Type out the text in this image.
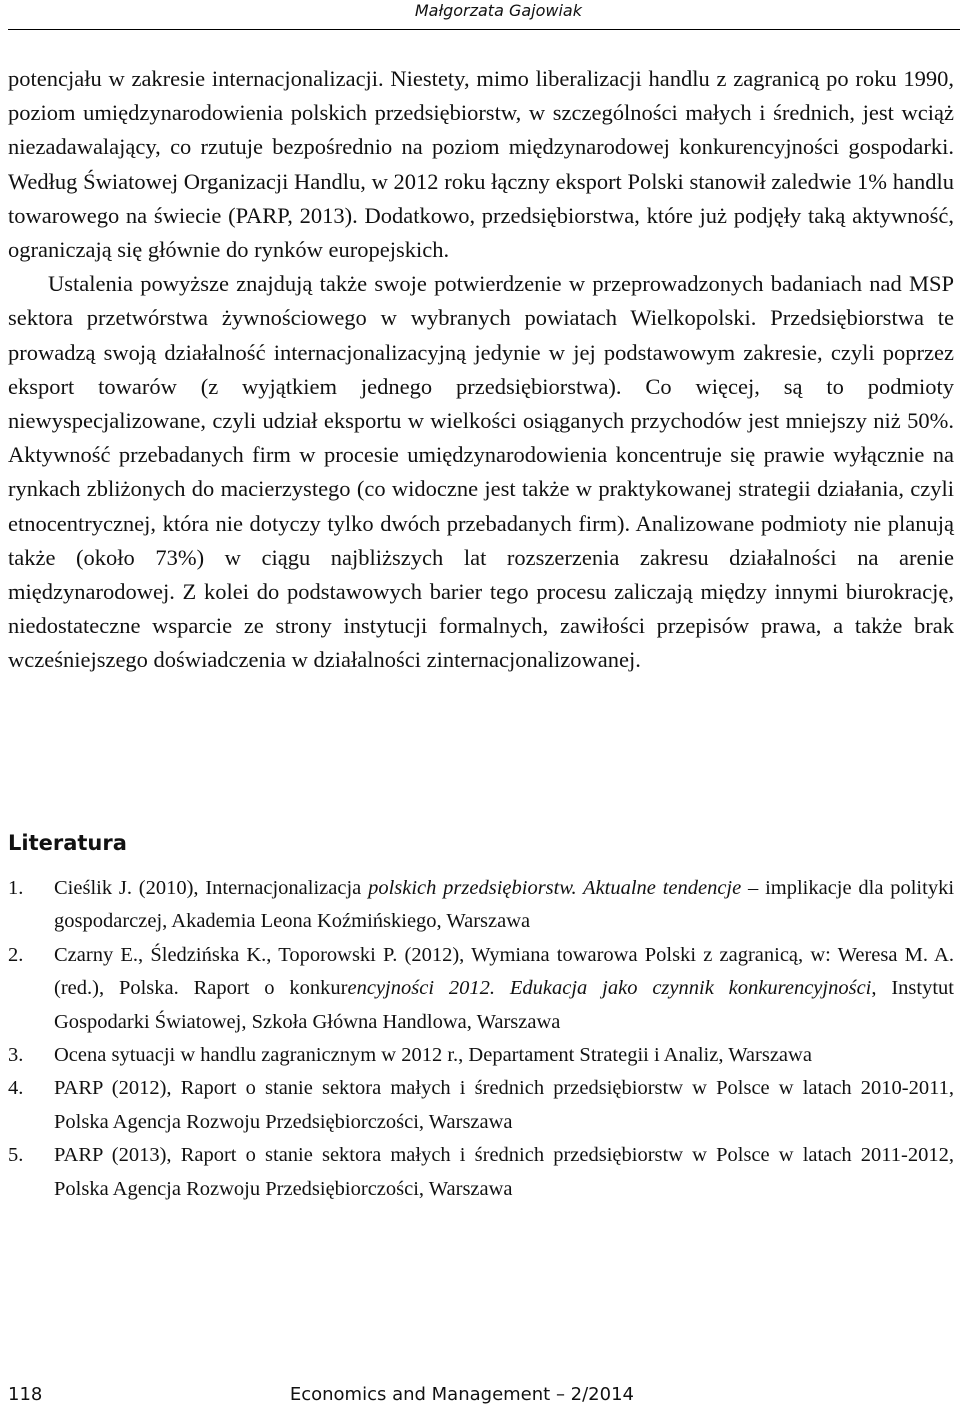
Małgorzata Gajowiak

potencjału w zakresie internacjonalizacji. Niestety, mimo liberalizacji handlu z zagranicą po roku 1990, poziom umiędzynarodowienia polskich przedsiębiorstw, w szczególności małych i średnich, jest wciąż niezadawalający, co rzutuje bezpośrednio na poziom międzynarodowej konkurencyjności gospodarki. Według Światowej Organizacji Handlu, w 2012 roku łączny eksport Polski stanowił zaledwie 1% handlu towarowego na świecie (PARP, 2013). Dodatkowo, przedsiębiorstwa, które już podjęły taką aktywność, ograniczają się głównie do rynków europejskich.

Ustalenia powyższe znajdują także swoje potwierdzenie w przeprowadzonych badaniach nad MSP sektora przetwórstwa żywnościowego w wybranych powiatach Wielkopolski. Przedsiębiorstwa te prowadzą swoją działalność internacjonalizacyjną jedynie w jej podstawowym zakresie, czyli poprzez eksport towarów (z wyjątkiem jednego przedsiębiorstwa). Co więcej, są to podmioty niewyspecjalizowane, czyli udział eksportu w wielkości osiąganych przychodów jest mniejszy niż 50%. Aktywność przebadanych firm w procesie umiędzynarodowienia koncentruje się prawie wyłącznie na rynkach zbliżonych do macierzystego (co widoczne jest także w praktykowanej strategii działania, czyli etnocentrycznej, która nie dotyczy tylko dwóch przebadanych firm). Analizowane podmioty nie planują także (około 73%) w ciągu najbliższych lat rozszerzenia zakresu działalności na arenie międzynarodowej. Z kolei do podstawowych barier tego procesu zaliczają między innymi biurokrację, niedostateczne wsparcie ze strony instytucji formalnych, zawiłości przepisów prawa, a także brak wcześniejszego doświadczenia w działalności zinternacjonalizowanej.

Literatura
1. Cieślik J. (2010), Internacjonalizacja polskich przedsiębiorstw. Aktualne tendencje – implikacje dla polityki gospodarczej, Akademia Leona Koźmińskiego, Warszawa
2. Czarny E., Śledzińska K., Toporowski P. (2012), Wymiana towarowa Polski z zagranicą, w: Weresa M. A. (red.), Polska. Raport o konkurencyjności 2012. Edukacja jako czynnik konkurencyjności, Instytut Gospodarki Światowej, Szkoła Główna Handlowa, Warszawa
3. Ocena sytuacji w handlu zagranicznym w 2012 r., Departament Strategii i Analiz, Warszawa
4. PARP (2012), Raport o stanie sektora małych i średnich przedsiębiorstw w Polsce w latach 2010-2011, Polska Agencja Rozwoju Przedsiębiorczości, Warszawa
5. PARP (2013), Raport o stanie sektora małych i średnich przedsiębiorstw w Polsce w latach 2011-2012, Polska Agencja Rozwoju Przedsiębiorczości, Warszawa
118	Economics and Management – 2/2014
